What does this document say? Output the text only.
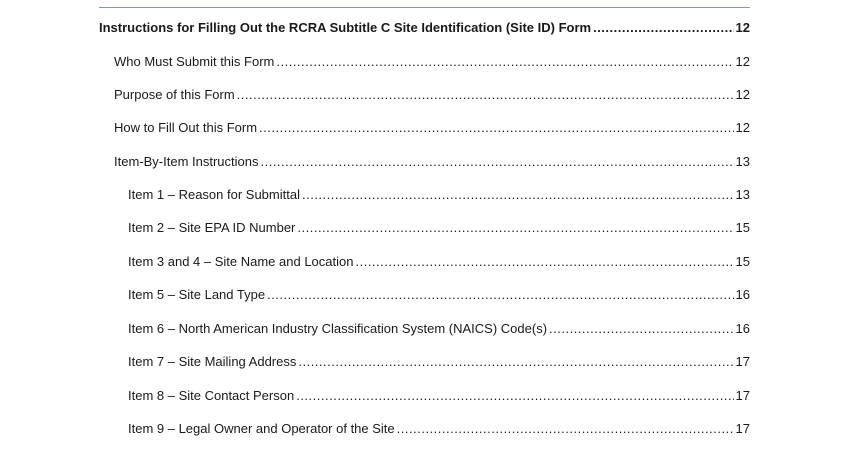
Instructions for Filling Out the RCRA Subtitle C Site Identification (Site ID) Form .....	12
Who Must Submit this Form .....	12
Purpose of this Form .....	12
How to Fill Out this Form .....	12
Item-By-Item Instructions .....	13
Item 1 – Reason for Submittal .....	13
Item 2 – Site EPA ID Number .....	15
Item 3 and 4 – Site Name and Location .....	15
Item 5 – Site Land Type .....	16
Item 6 – North American Industry Classification System (NAICS) Code(s) .....	16
Item 7 – Site Mailing Address .....	17
Item 8 – Site Contact Person .....	17
Item 9 – Legal Owner and Operator of the Site .....	17
